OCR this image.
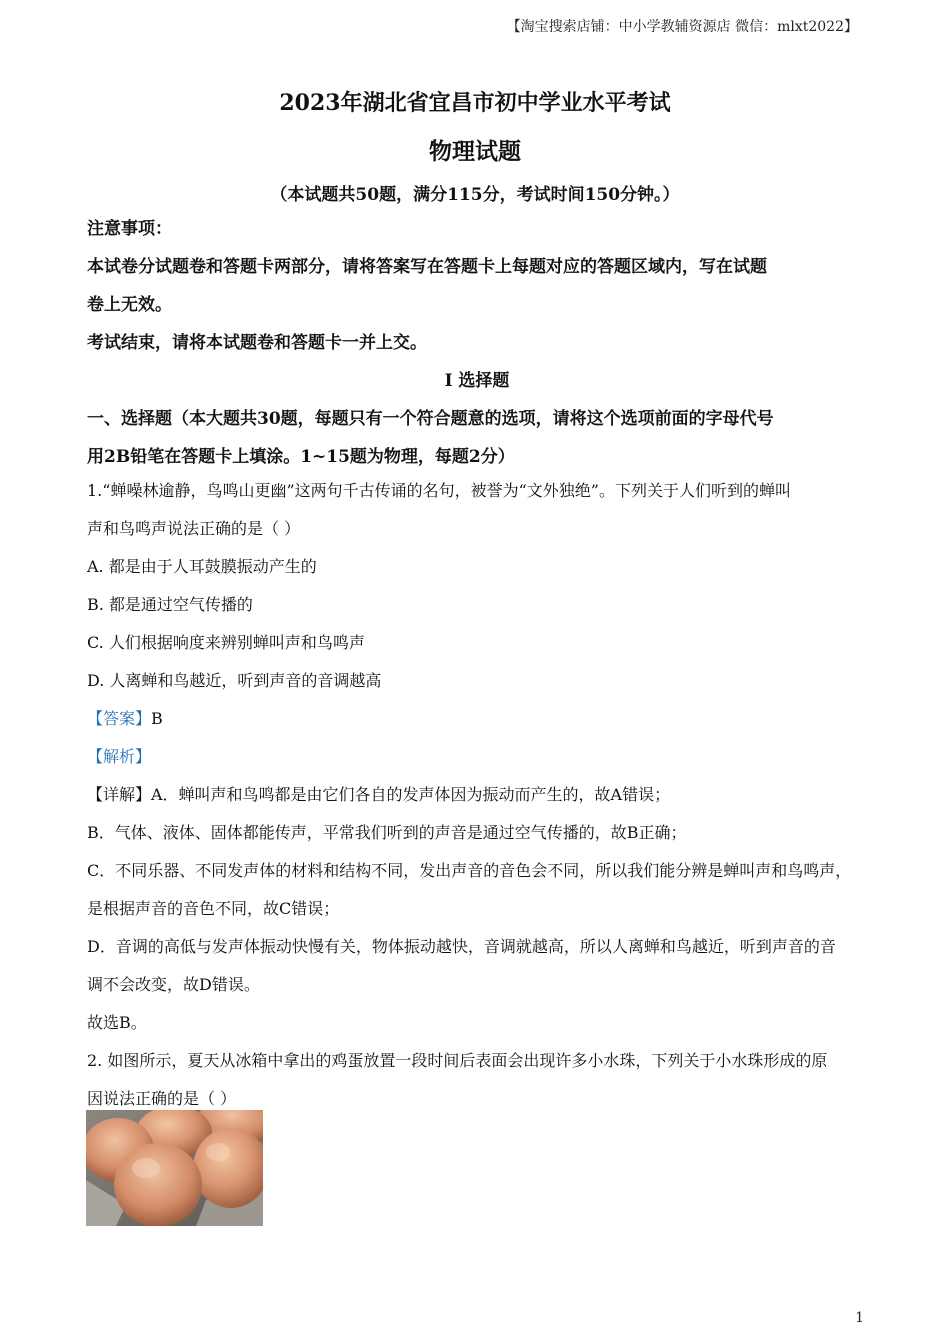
【淘宝搜索店铺：中小学教辅资源店 微信：mlxt2022】
2023年湖北省宜昌市初中学业水平考试
物理试题
（本试题共50题，满分115分，考试时间150分钟。）
注意事项：
本试卷分试题卷和答题卡两部分，请将答案写在答题卡上每题对应的答题区域内，写在试题
卷上无效。
考试结束，请将本试题卷和答题卡一并上交。
I 选择题
一、选择题（本大题共30题，每题只有一个符合题意的选项，请将这个选项前面的字母代号
用2B铅笔在答题卡上填涂。1~15题为物理，每题2分）
1.“蝉噪林逾静，鸟鸣山更幽”这两句千古传诵的名句，被誉为“文外独绝”。下列关于人们听到的蝉叫
声和鸟鸣声说法正确的是（ ）
A. 都是由于人耳鼓膜振动产生的
B. 都是通过空气传播的
C. 人们根据响度来辨别蝉叫声和鸟鸣声
D. 人离蝉和鸟越近，听到声音的音调越高
【答案】B
【解析】
【详解】A．蝉叫声和鸟鸣都是由它们各自的发声体因为振动而产生的，故A错误；
B．气体、液体、固体都能传声，平常我们听到的声音是通过空气传播的，故B正确；
C．不同乐器、不同发声体的材料和结构不同，发出声音的音色会不同，所以我们能分辨是蝉叫声和鸟鸣声，
是根据声音的音色不同，故C错误；
D．音调的高低与发声体振动快慢有关，物体振动越快，音调就越高，所以人离蝉和鸟越近，听到声音的音
调不会改变，故D错误。
故选B。
2. 如图所示，夏天从冰箱中拿出的鸡蛋放置一段时间后表面会出现许多小水珠，下列关于小水珠形成的原
因说法正确的是（ ）
1
